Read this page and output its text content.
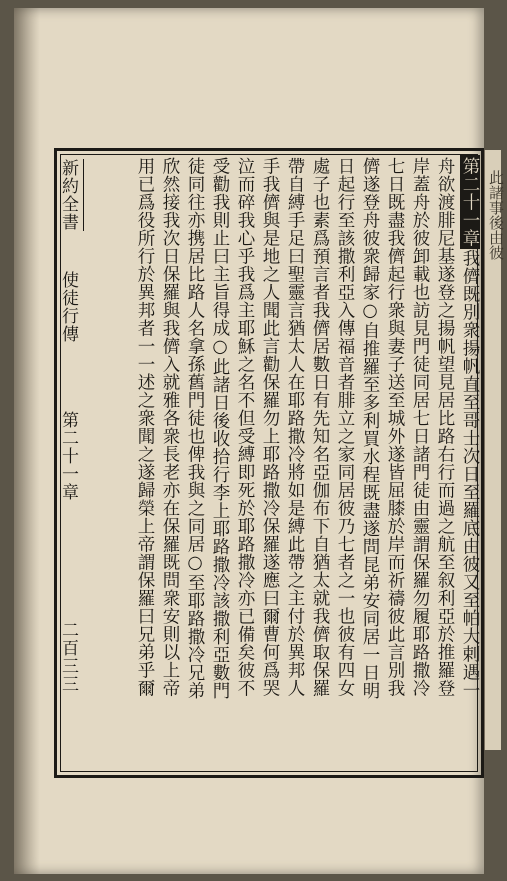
新約全書
使徒行傳
第二十一章
二百三三
第二十一章我儕既別衆揚帆直至哥士次日至羅底由彼又至帕大剌遇一
舟欲渡腓尼基遂登之揚帆望見居比路右行而過之航至叙利亞於推羅登
岸蓋舟於彼卸載也訪見門徒同居七日諸門徒由靈謂保羅勿履耶路撒冷
七日既盡我儕起行衆與妻子送至城外遂皆屈膝於岸而祈禱彼此言別我
儕遂登舟彼衆歸家○自推羅至多利買水程既盡遂問昆弟安同居一日明
日起行至該撒利亞入傳福音者腓立之家同居彼乃七者之一也彼有四女
處子也素爲預言者我儕居數日有先知名亞伽布下自猶太就我儕取保羅
帶自縛手足曰聖靈言猶太人在耶路撒冷將如是縛此帶之主付於異邦人
手我儕與是地之人聞此言勸保羅勿上耶路撒冷保羅遂應曰爾曹何爲哭
泣而碎我心乎我爲主耶穌之名不但受縛即死於耶路撒冷亦已備矣彼不
受勸我則止曰主旨得成○此諸日後收拾行李上耶路撒冷該撒利亞數門
徒同往亦携居比路人名拿孫舊門徒也俾我與之同居○至耶路撒冷兄弟
欣然接我次日保羅與我儕入就雅各衆長老亦在保羅既問衆安則以上帝
用已爲役所行於異邦者一一述之衆聞之遂歸榮上帝謂保羅曰兄弟乎爾	此諸事後由彼
